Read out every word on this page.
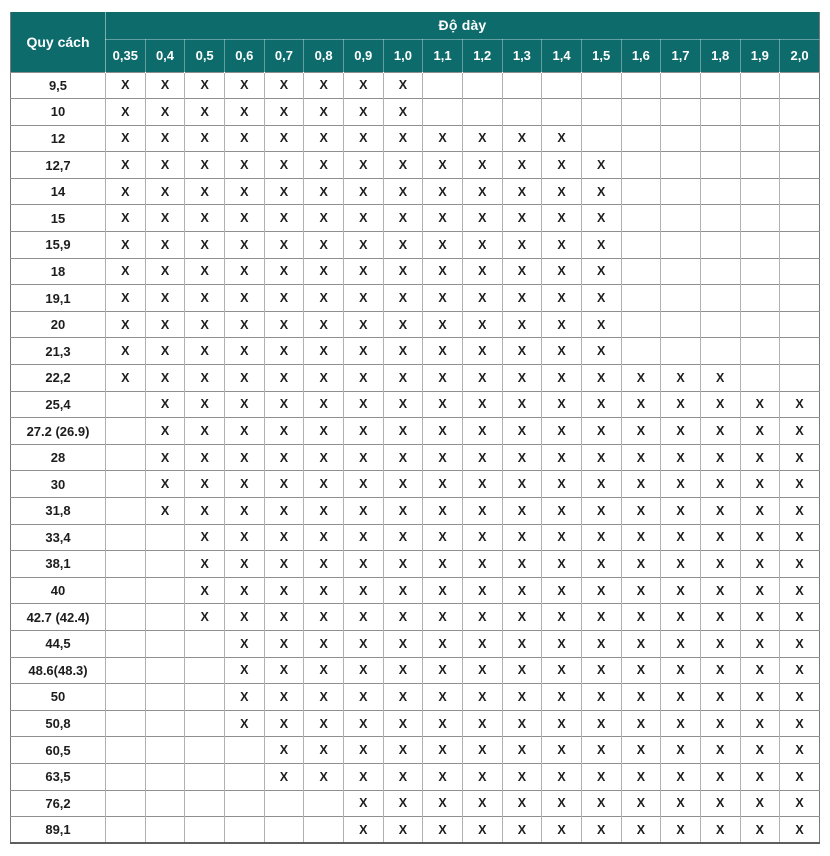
Quy cách	Độ dày																	
	0,35	0,4	0,5	0,6	0,7	0,8	0,9	1,0	1,1	1,2	1,3	1,4	1,5	1,6	1,7	1,8	1,9	2,0
9,5	X	X	X	X	X	X	X	X										
10	X	X	X	X	X	X	X	X										
12	X	X	X	X	X	X	X	X	X	X	X	X						
12,7	X	X	X	X	X	X	X	X	X	X	X	X	X					
14	X	X	X	X	X	X	X	X	X	X	X	X	X					
15	X	X	X	X	X	X	X	X	X	X	X	X	X					
15,9	X	X	X	X	X	X	X	X	X	X	X	X	X					
18	X	X	X	X	X	X	X	X	X	X	X	X	X					
19,1	X	X	X	X	X	X	X	X	X	X	X	X	X					
20	X	X	X	X	X	X	X	X	X	X	X	X	X					
21,3	X	X	X	X	X	X	X	X	X	X	X	X	X					
22,2	X	X	X	X	X	X	X	X	X	X	X	X	X	X	X	X		
25,4		X	X	X	X	X	X	X	X	X	X	X	X	X	X	X	X	X
27.2 (26.9)		X	X	X	X	X	X	X	X	X	X	X	X	X	X	X	X	X
28		X	X	X	X	X	X	X	X	X	X	X	X	X	X	X	X	X
30		X	X	X	X	X	X	X	X	X	X	X	X	X	X	X	X	X
31,8		X	X	X	X	X	X	X	X	X	X	X	X	X	X	X	X	X
33,4			X	X	X	X	X	X	X	X	X	X	X	X	X	X	X	X
38,1			X	X	X	X	X	X	X	X	X	X	X	X	X	X	X	X
40			X	X	X	X	X	X	X	X	X	X	X	X	X	X	X	X
42.7 (42.4)			X	X	X	X	X	X	X	X	X	X	X	X	X	X	X	X
44,5				X	X	X	X	X	X	X	X	X	X	X	X	X	X	X
48.6(48.3)				X	X	X	X	X	X	X	X	X	X	X	X	X	X	X
50				X	X	X	X	X	X	X	X	X	X	X	X	X	X	X
50,8				X	X	X	X	X	X	X	X	X	X	X	X	X	X	X
60,5					X	X	X	X	X	X	X	X	X	X	X	X	X	X
63,5					X	X	X	X	X	X	X	X	X	X	X	X	X	X
76,2							X	X	X	X	X	X	X	X	X	X	X	X
89,1							X	X	X	X	X	X	X	X	X	X	X	X
